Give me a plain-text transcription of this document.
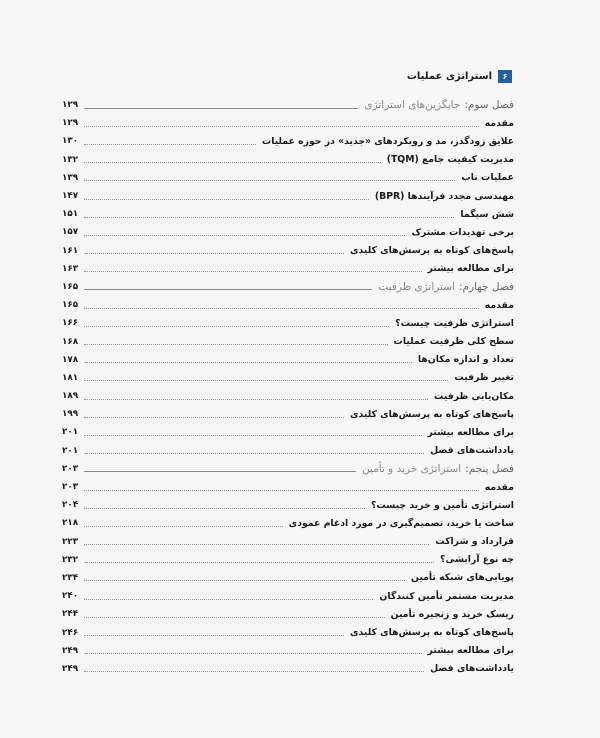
۶
استراتژی عملیات
فصل سوم:جایگزین‌های استراتژی
۱۲۹
مقدمه
۱۲۹
علایق زودگذر، مد و رویکردهای «جدید» در حوزه عملیات
۱۳۰
مدیریت کیفیت جامع (TQM)
۱۳۲
عملیات ناب
۱۳۹
مهندسی مجدد فرآیندها (BPR)
۱۴۷
شش سیگما
۱۵۱
برخی تهدیدات مشترک
۱۵۷
پاسخ‌های کوتاه به پرسش‌های کلیدی
۱۶۱
برای مطالعه بیشتر
۱۶۳
فصل چهارم:استراتژی ظرفیت
۱۶۵
مقدمه
۱۶۵
استراتژی ظرفیت چیست؟
۱۶۶
سطح کلی ظرفیت عملیات
۱۶۸
تعداد و اندازه مکان‌ها
۱۷۸
تغییر ظرفیت
۱۸۱
مکان‌یابی ظرفیت
۱۸۹
پاسخ‌های کوتاه به پرسش‌های کلیدی
۱۹۹
برای مطالعه بیشتر
۲۰۱
یادداشت‌های فصل
۲۰۱
فصل پنجم:استراتژی خرید و تأمین
۲۰۳
مقدمه
۲۰۳
استراتژی تأمین و خرید چیست؟
۲۰۴
ساخت یا خرید، تصمیم‌گیری در مورد ادغام عمودی
۲۱۸
قرارداد و شراکت
۲۲۳
چه نوع آرایشی؟
۲۳۲
پویایی‌های شبکه تأمین
۲۳۴
مدیریت مستمر تأمین کنندگان
۲۴۰
ریسک خرید و زنجیره تأمین
۲۴۴
پاسخ‌های کوتاه به پرسش‌های کلیدی
۲۴۶
برای مطالعه بیشتر
۲۴۹
یادداشت‌های فصل
۲۴۹
